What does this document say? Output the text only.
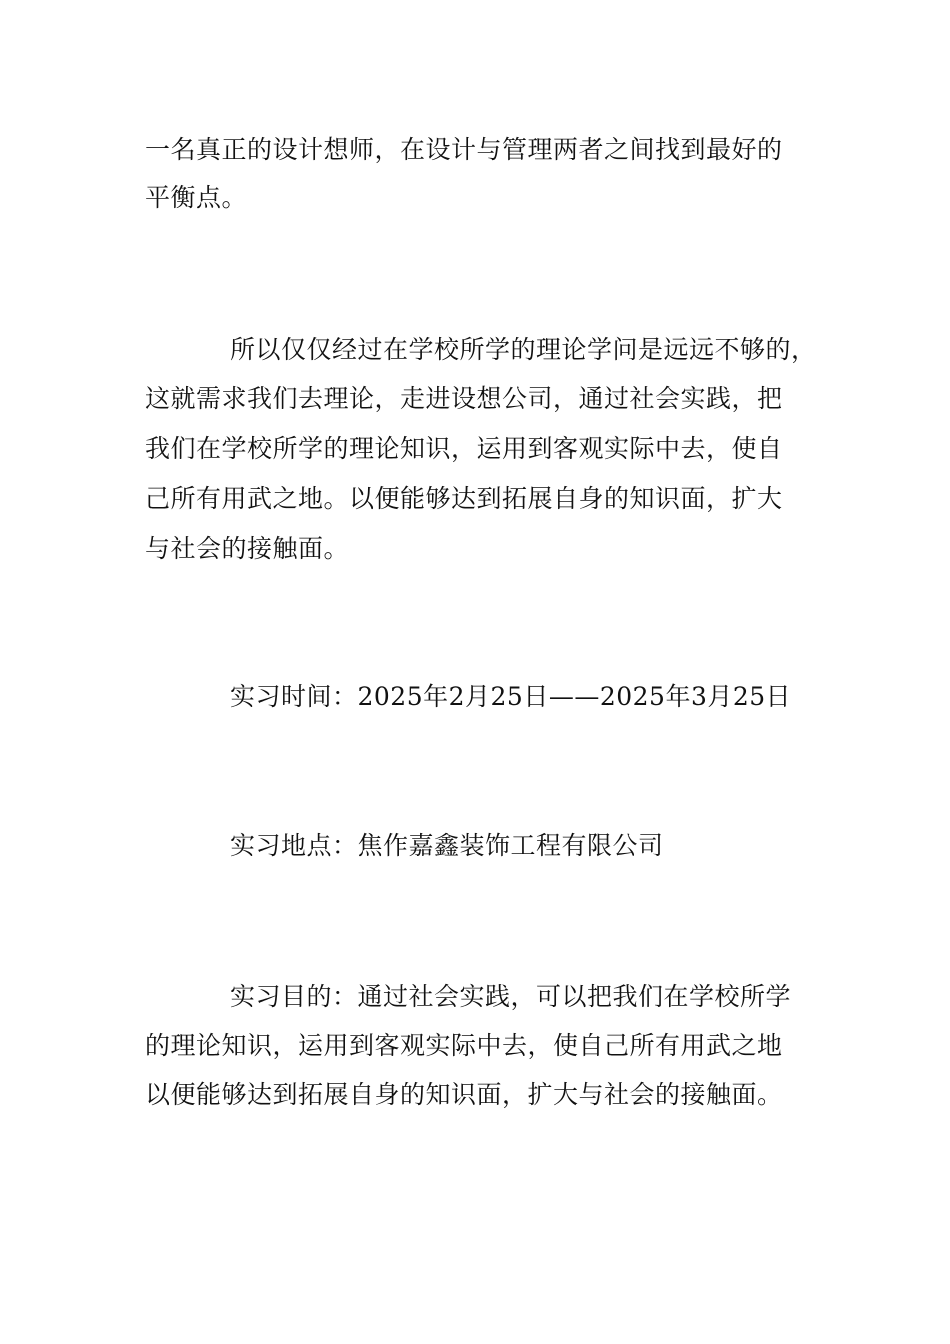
一名真正的设计想师，在设计与管理两者之间找到最好的

平衡点。

所以仅仅经过在学校所学的理论学问是远远不够的，

这就需求我们去理论，走进设想公司，通过社会实践，把

我们在学校所学的理论知识，运用到客观实际中去，使自

己所有用武之地。以便能够达到拓展自身的知识面，扩大

与社会的接触面。

实习时间：2025年2月25日——2025年3月25日

实习地点：焦作嘉鑫装饰工程有限公司

实习目的：通过社会实践，可以把我们在学校所学

的理论知识，运用到客观实际中去，使自己所有用武之地

以便能够达到拓展自身的知识面，扩大与社会的接触面。
